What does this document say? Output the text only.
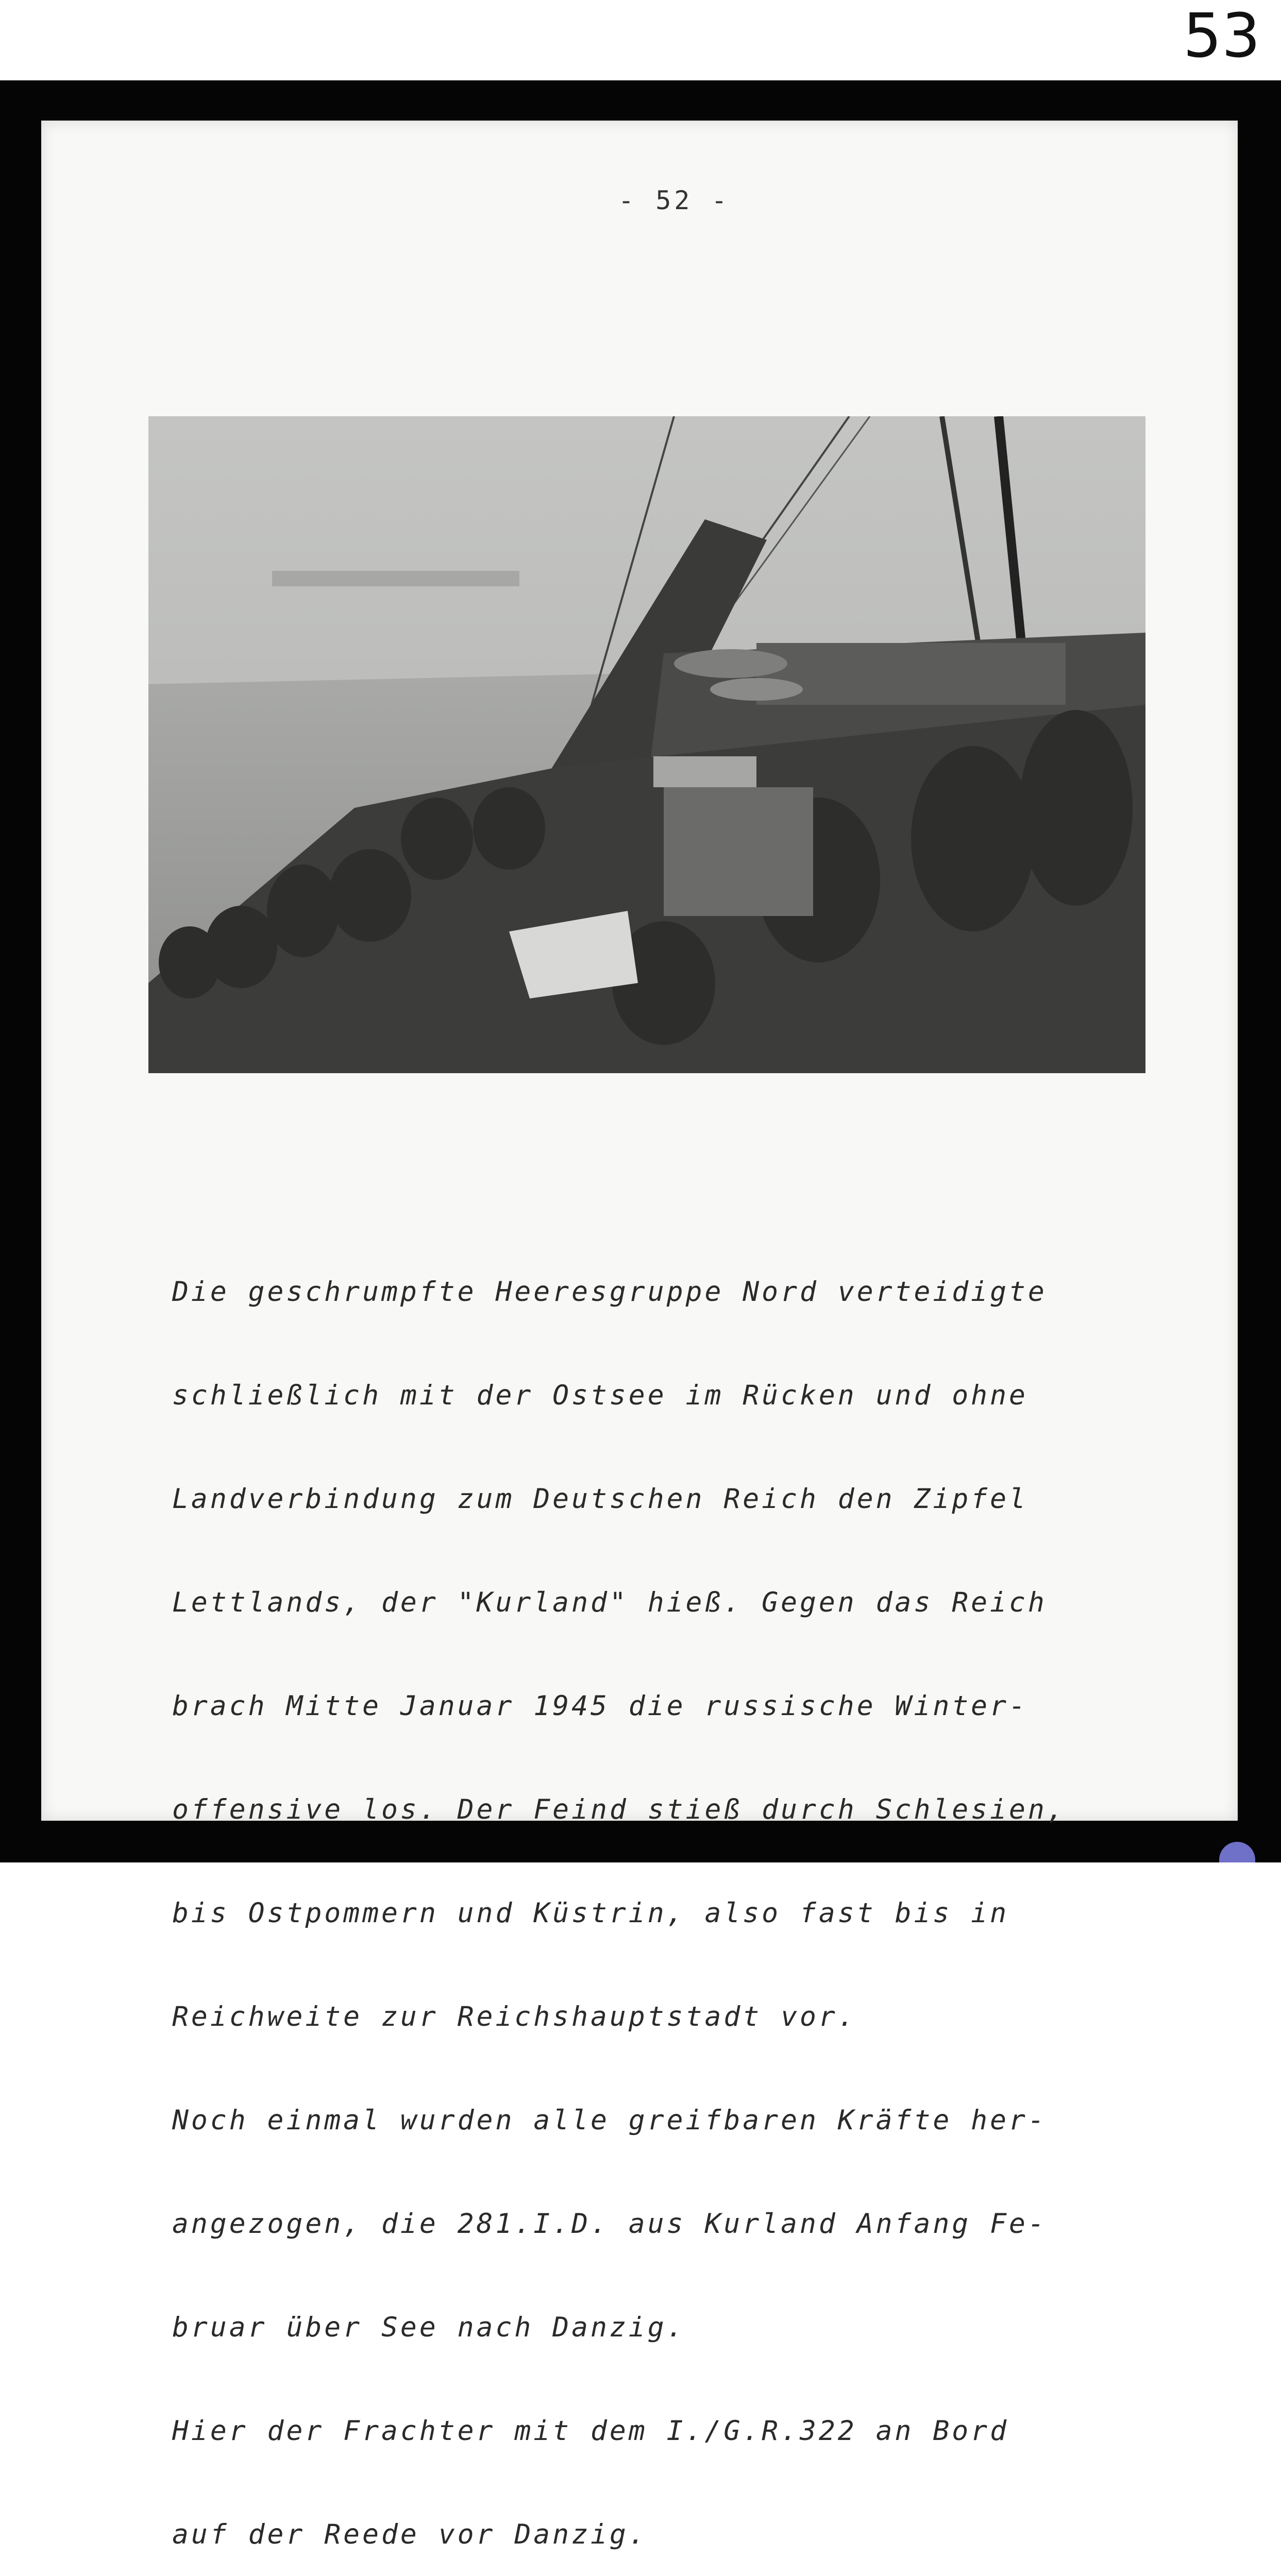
53
- 52 -

Die geschrumpfte Heeresgruppe Nord verteidigte

schließlich mit der Ostsee im Rücken und ohne

Landverbindung zum Deutschen Reich den Zipfel

Lettlands, der "Kurland" hieß. Gegen das Reich

brach Mitte Januar 1945 die russische Winter-

offensive los. Der Feind stieß durch Schlesien,

bis Ostpommern und Küstrin, also fast bis in

Reichweite zur Reichshauptstadt vor.

Noch einmal wurden alle greifbaren Kräfte her-

angezogen, die 281.I.D. aus Kurland Anfang Fe-

bruar über See nach Danzig.

Hier der Frachter mit dem I./G.R.322 an Bord

auf der Reede vor Danzig.
